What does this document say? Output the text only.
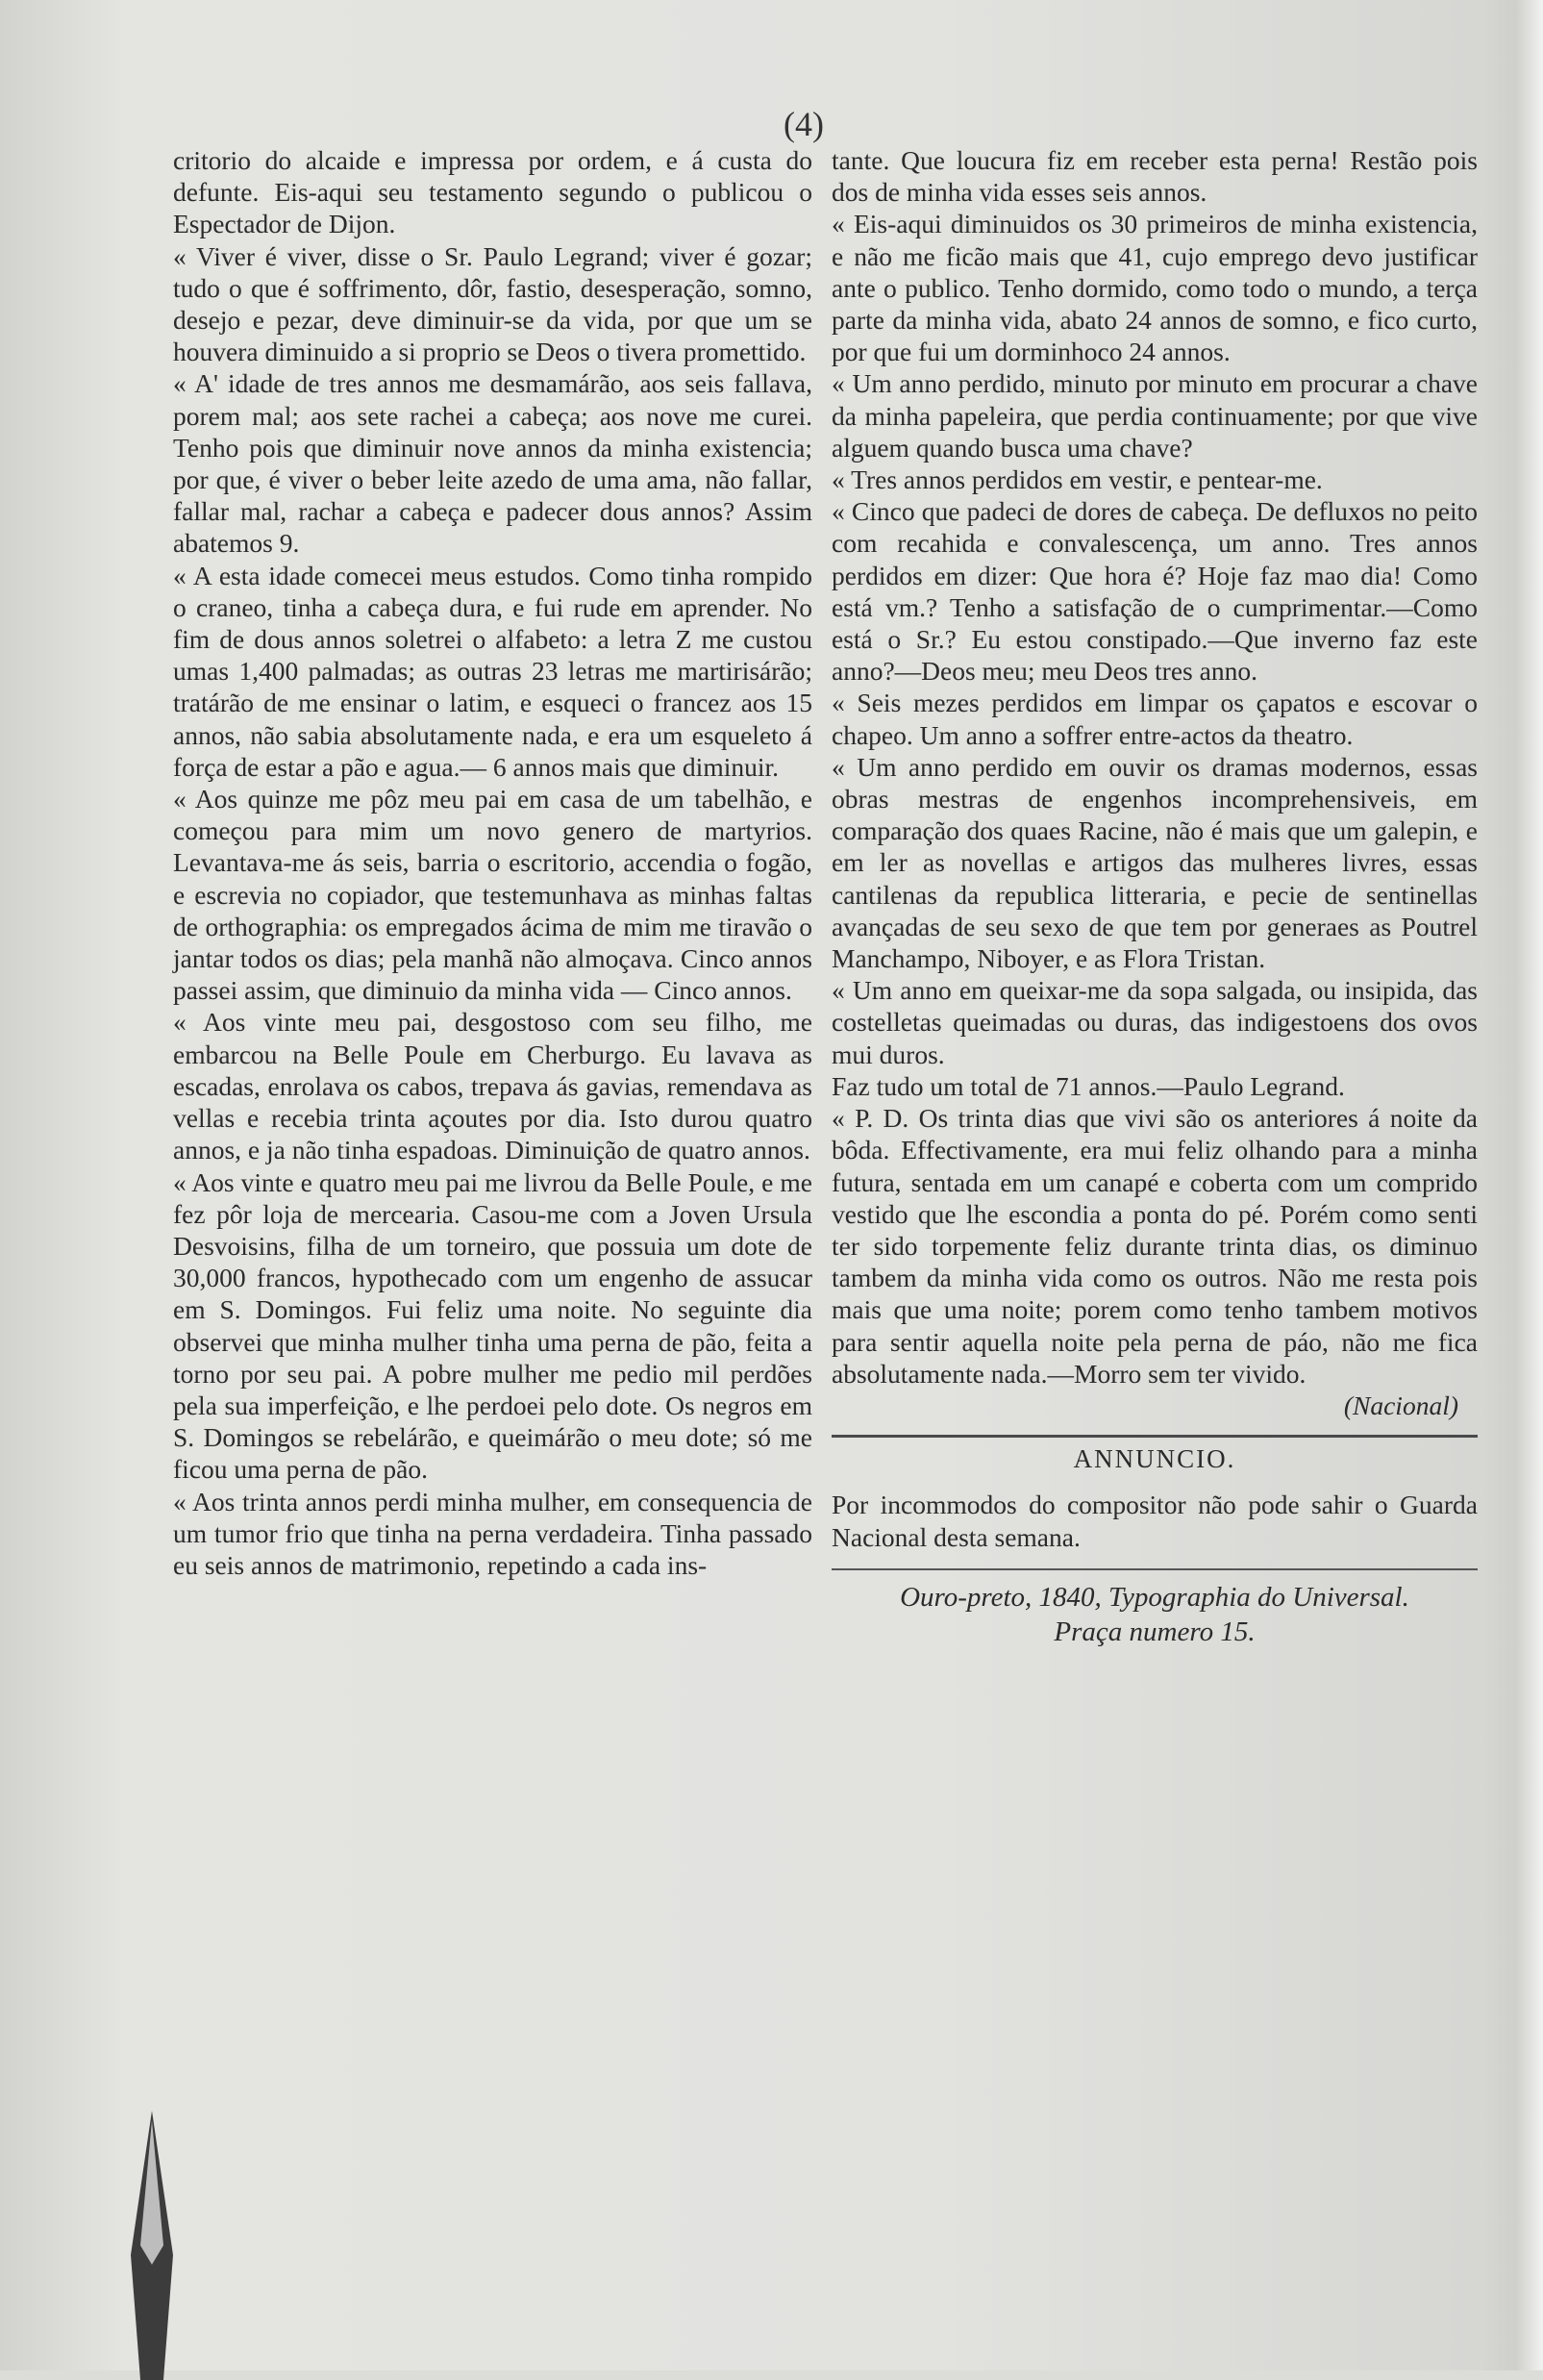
(4)

critorio do alcaide e impressa por ordem, e á custa do defunte. Eis-aqui seu testamento segundo o publicou o Espectador de Dijon.

« Viver é viver, disse o Sr. Paulo Legrand; viver é gozar; tudo o que é soffrimento, dôr, fastio, desesperação, somno, desejo e pezar, deve diminuir-se da vida, por que um se houvera diminuido a si proprio se Deos o tivera promettido.

« A' idade de tres annos me desmamárão, aos seis fallava, porem mal; aos sete rachei a cabeça; aos nove me curei. Tenho pois que diminuir nove annos da minha existencia; por que, é viver o beber leite azedo de uma ama, não fallar, fallar mal, rachar a cabeça e padecer dous annos? Assim abatemos 9.

« A esta idade comecei meus estudos. Como tinha rompido o craneo, tinha a cabeça dura, e fui rude em aprender. No fim de dous annos soletrei o alfabeto: a letra Z me custou umas 1,400 palmadas; as outras 23 letras me martirisárão; tratárão de me ensinar o latim, e esqueci o francez aos 15 annos, não sabia absolutamente nada, e era um esqueleto á força de estar a pão e agua.— 6 annos mais que diminuir.

« Aos quinze me pôz meu pai em casa de um tabelhão, e começou para mim um novo genero de martyrios. Levantava-me ás seis, barria o escritorio, accendia o fogão, e escrevia no copiador, que testemunhava as minhas faltas de orthographia: os empregados ácima de mim me tiravão o jantar todos os dias; pela manhã não almoçava. Cinco annos passei assim, que diminuio da minha vida — Cinco annos.

« Aos vinte meu pai, desgostoso com seu filho, me embarcou na Belle Poule em Cherburgo. Eu lavava as escadas, enrolava os cabos, trepava ás gavias, remendava as vellas e recebia trinta açoutes por dia. Isto durou quatro annos, e ja não tinha espadoas. Diminuição de quatro annos.

« Aos vinte e quatro meu pai me livrou da Belle Poule, e me fez pôr loja de mercearia. Casou-me com a Joven Ursula Desvoisins, filha de um torneiro, que possuia um dote de 30,000 francos, hypothecado com um engenho de assucar em S. Domingos. Fui feliz uma noite. No seguinte dia observei que minha mulher tinha uma perna de pão, feita a torno por seu pai. A pobre mulher me pedio mil perdões pela sua imperfeição, e lhe perdoei pelo dote. Os negros em S. Domingos se rebelárão, e queimárão o meu dote; só me ficou uma perna de pão.

« Aos trinta annos perdi minha mulher, em consequencia de um tumor frio que tinha na perna verdadeira. Tinha passado eu seis annos de matrimonio, repetindo a cada ins-

tante. Que loucura fiz em receber esta perna! Restão pois dos de minha vida esses seis annos.

« Eis-aqui diminuidos os 30 primeiros de minha existencia, e não me ficão mais que 41, cujo emprego devo justificar ante o publico. Tenho dormido, como todo o mundo, a terça parte da minha vida, abato 24 annos de somno, e fico curto, por que fui um dorminhoco 24 annos.

« Um anno perdido, minuto por minuto em procurar a chave da minha papeleira, que perdia continuamente; por que vive alguem quando busca uma chave?

« Tres annos perdidos em vestir, e pentear-me.

« Cinco que padeci de dores de cabeça. De defluxos no peito com recahida e convalescença, um anno. Tres annos perdidos em dizer: Que hora é? Hoje faz mao dia! Como está vm.? Tenho a satisfação de o cumprimentar.—Como está o Sr.? Eu estou constipado.—Que inverno faz este anno?—Deos meu; meu Deos tres anno.

« Seis mezes perdidos em limpar os çapatos e escovar o chapeo. Um anno a soffrer entre-actos da theatro.

« Um anno perdido em ouvir os dramas modernos, essas obras mestras de engenhos incomprehensiveis, em comparação dos quaes Racine, não é mais que um galepin, e em ler as novellas e artigos das mulheres livres, essas cantilenas da republica litteraria, e pecie de sentinellas avançadas de seu sexo de que tem por generaes as Poutrel Manchampo, Niboyer, e as Flora Tristan.

« Um anno em queixar-me da sopa salgada, ou insipida, das costelletas queimadas ou duras, das indigestoens dos ovos mui duros.

Faz tudo um total de 71 annos.—Paulo Legrand.

« P. D. Os trinta dias que vivi são os anteriores á noite da bôda. Effectivamente, era mui feliz olhando para a minha futura, sentada em um canapé e coberta com um comprido vestido que lhe escondia a ponta do pé. Porém como senti ter sido torpemente feliz durante trinta dias, os diminuo tambem da minha vida como os outros. Não me resta pois mais que uma noite; porem como tenho tambem motivos para sentir aquella noite pela perna de páo, não me fica absolutamente nada.—Morro sem ter vivido.

(Nacional)
ANNUNCIO.

Por incommodos do compositor não pode sahir o Guarda Nacional desta semana.

Ouro-preto, 1840, Typographia do Universal.
Praça numero 15.
